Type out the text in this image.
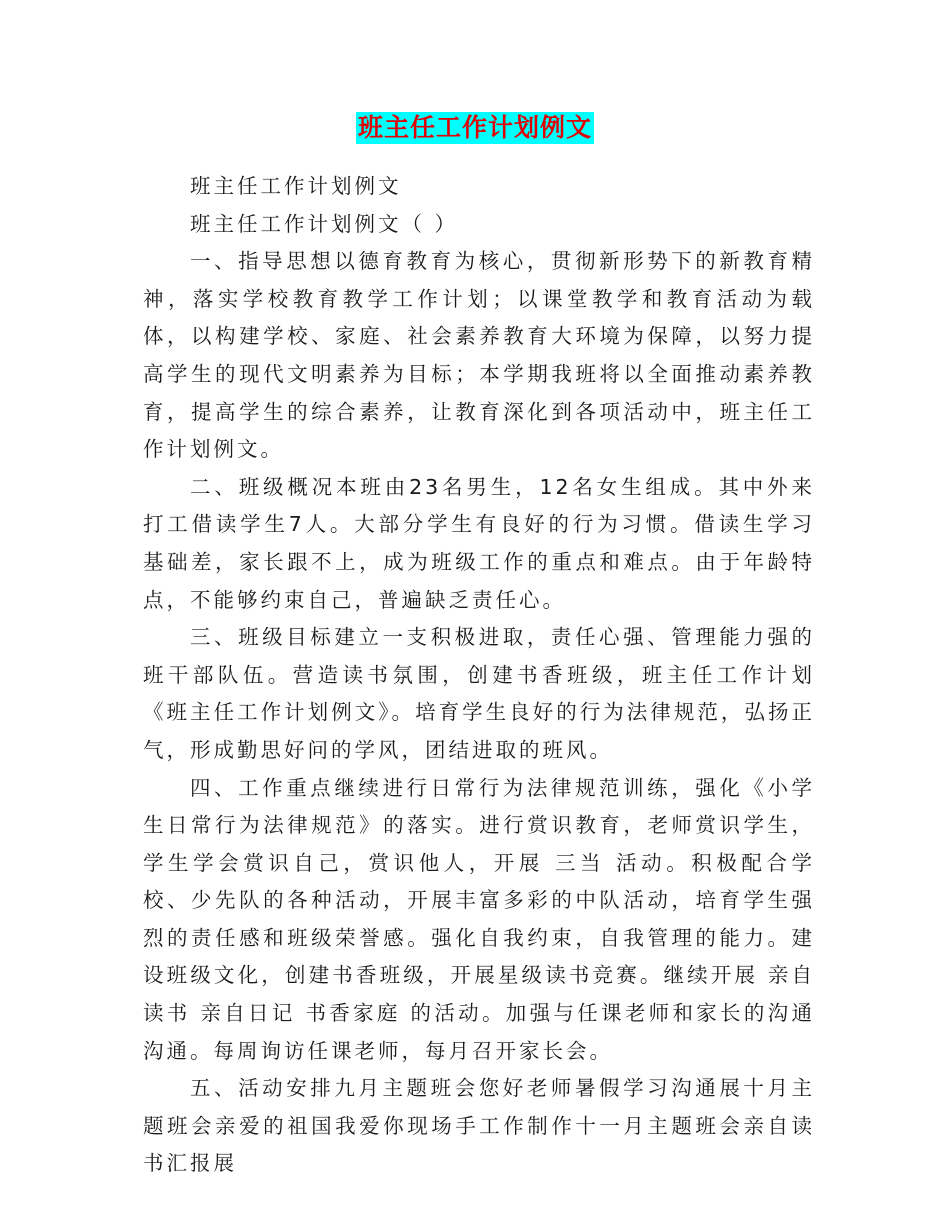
班主任工作计划例文

班主任工作计划例文

班主任工作计划例文（ ）

一、指导思想以德育教育为核心，贯彻新形势下的新教育精神，落实学校教育教学工作计划；以课堂教学和教育活动为载体，以构建学校、家庭、社会素养教育大环境为保障，以努力提高学生的现代文明素养为目标；本学期我班将以全面推动素养教育，提高学生的综合素养，让教育深化到各项活动中，班主任工作计划例文。

二、班级概况本班由23名男生，12名女生组成。其中外来打工借读学生7人。大部分学生有良好的行为习惯。借读生学习基础差，家长跟不上，成为班级工作的重点和难点。由于年龄特点，不能够约束自己，普遍缺乏责任心。

三、班级目标建立一支积极进取，责任心强、管理能力强的班干部队伍。营造读书氛围，创建书香班级，班主任工作计划《班主任工作计划例文》。培育学生良好的行为法律规范，弘扬正气，形成勤思好问的学风，团结进取的班风。

四、工作重点继续进行日常行为法律规范训练，强化《小学生日常行为法律规范》的落实。进行赏识教育，老师赏识学生，学生学会赏识自己，赏识他人，开展 三当 活动。积极配合学校、少先队的各种活动，开展丰富多彩的中队活动，培育学生强烈的责任感和班级荣誉感。强化自我约束，自我管理的能力。建设班级文化，创建书香班级，开展星级读书竞赛。继续开展 亲自读书 亲自日记 书香家庭 的活动。加强与任课老师和家长的沟通沟通。每周询访任课老师，每月召开家长会。

五、活动安排九月主题班会您好老师暑假学习沟通展十月主题班会亲爱的祖国我爱你现场手工作制作十一月主题班会亲自读书汇报展
